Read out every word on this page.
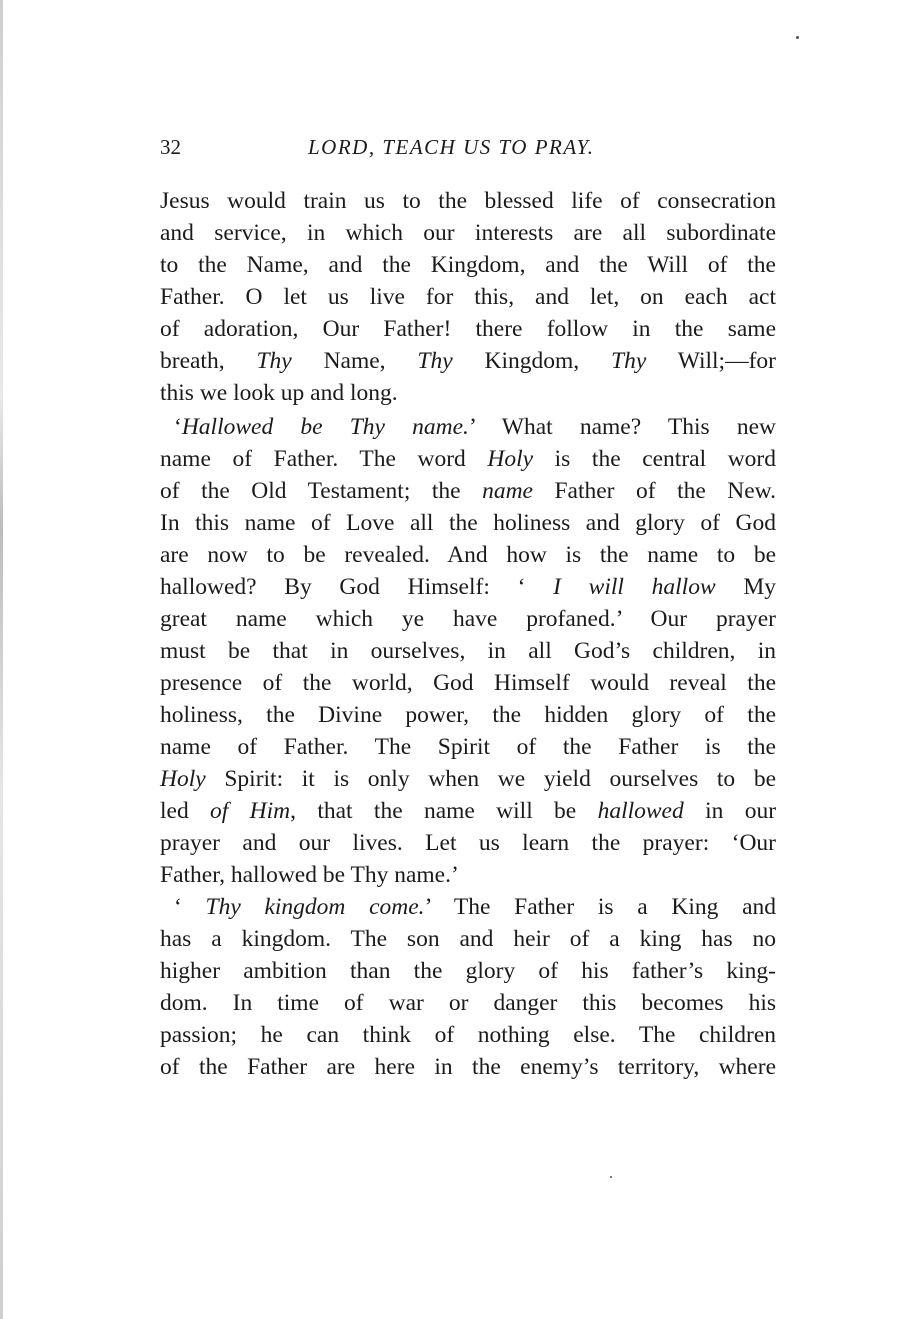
32	LORD, TEACH US TO PRAY.
Jesus would train us to the blessed life of consecration
and service, in which our interests are all subordinate
to the Name, and the Kingdom, and the Will of the
Father. O let us live for this, and let, on each act
of adoration, Our Father! there follow in the same
breath, Thy Name, Thy Kingdom, Thy Will;—for
this we look up and long.
‘Hallowed be Thy name.’ What name? This new
name of Father. The word Holy is the central word
of the Old Testament; the name Father of the New.
In this name of Love all the holiness and glory of God
are now to be revealed. And how is the name to be
hallowed? By God Himself: ‘ I will hallow My
great name which ye have profaned.’ Our prayer
must be that in ourselves, in all God’s children, in
presence of the world, God Himself would reveal the
holiness, the Divine power, the hidden glory of the
name of Father. The Spirit of the Father is the
Holy Spirit: it is only when we yield ourselves to be
led of Him, that the name will be hallowed in our
prayer and our lives. Let us learn the prayer: ‘Our
Father, hallowed be Thy name.’
‘ Thy kingdom come.’ The Father is a King and
has a kingdom. The son and heir of a king has no
higher ambition than the glory of his father’s king-
dom. In time of war or danger this becomes his
passion; he can think of nothing else. The children
of the Father are here in the enemy’s territory, where
